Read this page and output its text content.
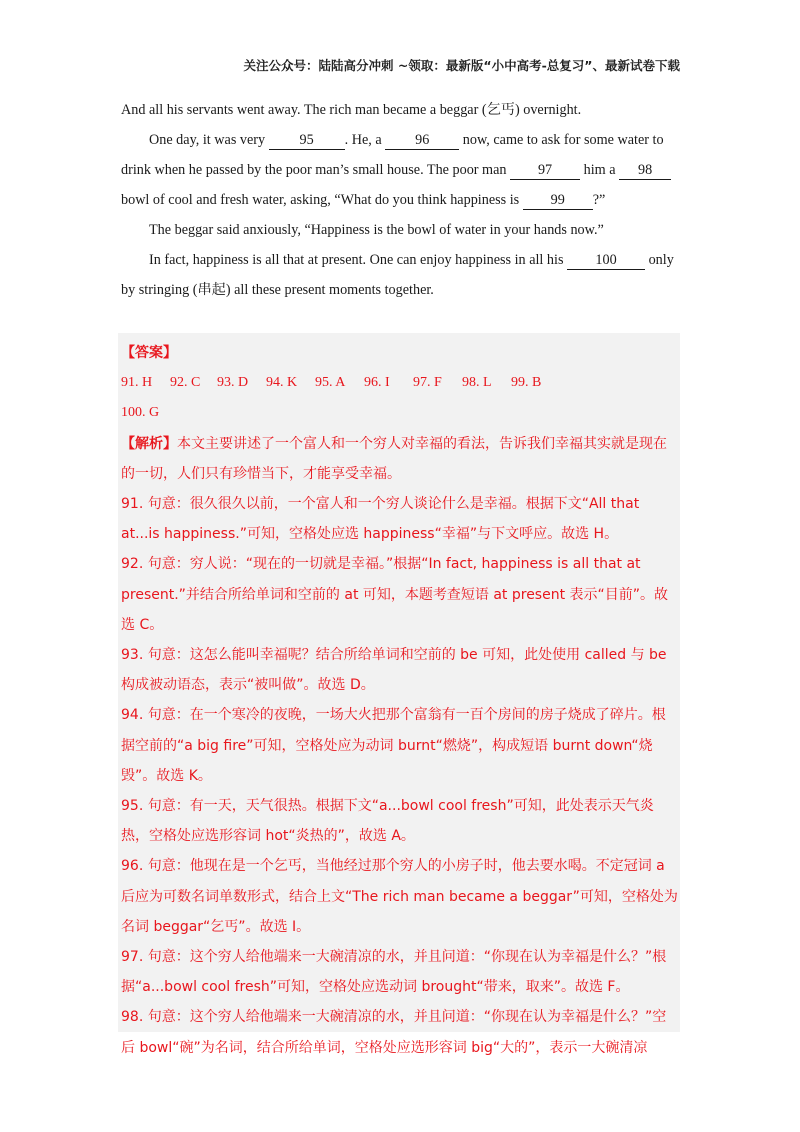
关注公众号：陆陆高分冲刺 ~领取：最新版“小中高考-总复习”、最新试卷下载

And all his servants went away. The rich man became a beggar (乞丐) overnight.

One day, it was very 95 . He, a 96 now, came to ask for some water to drink when he passed by the poor man’s small house. The poor man 97 him a 98 bowl of cool and fresh water, asking, “What do you think happiness is 99 ?”

The beggar said anxiously, “Happiness is the bowl of water in your hands now.”

In fact, happiness is all that at present. One can enjoy happiness in all his 100 only by stringing (串起) all these present moments together.

【答案】

91. H 92. C 93. D 94. K 95. A 96. I 97. F 98. L 99. B

100. G

【解析】本文主要讲述了一个富人和一个穷人对幸福的看法，告诉我们幸福其实就是现在的一切，人们只有珍惜当下，才能享受幸福。

91. 句意：很久很久以前，一个富人和一个穷人谈论什么是幸福。根据下文“All that at...is happiness.”可知，空格处应选 happiness“幸福”与下文呼应。故选 H。

92. 句意：穷人说：“现在的一切就是幸福。”根据“In fact, happiness is all that at present.”并结合所给单词和空前的 at 可知，本题考查短语 at present 表示“目前”。故选 C。

93. 句意：这怎么能叫幸福呢？结合所给单词和空前的 be 可知，此处使用 called 与 be 构成被动语态，表示“被叫做”。故选 D。

94. 句意：在一个寒冷的夜晚，一场大火把那个富翁有一百个房间的房子烧成了碎片。根据空前的“a big fire”可知，空格处应为动词 burnt“燃烧”，构成短语 burnt down“烧毁”。故选 K。

95. 句意：有一天，天气很热。根据下文“a...bowl cool fresh”可知，此处表示天气炎热，空格处应选形容词 hot“炎热的”，故选 A。

96. 句意：他现在是一个乞丐，当他经过那个穷人的小房子时，他去要水喝。不定冠词 a 后应为可数名词单数形式，结合上文“The rich man became a beggar”可知，空格处为名词 beggar“乞丐”。故选 I。

97. 句意：这个穷人给他端来一大碗清凉的水，并且问道：“你现在认为幸福是什么？”根据“a...bowl cool fresh”可知，空格处应选动词 brought“带来，取来”。故选 F。

98. 句意：这个穷人给他端来一大碗清凉的水，并且问道：“你现在认为幸福是什么？”空后 bowl“碗”为名词，结合所给单词，空格处应选形容词 big“大的”，表示一大碗清凉
